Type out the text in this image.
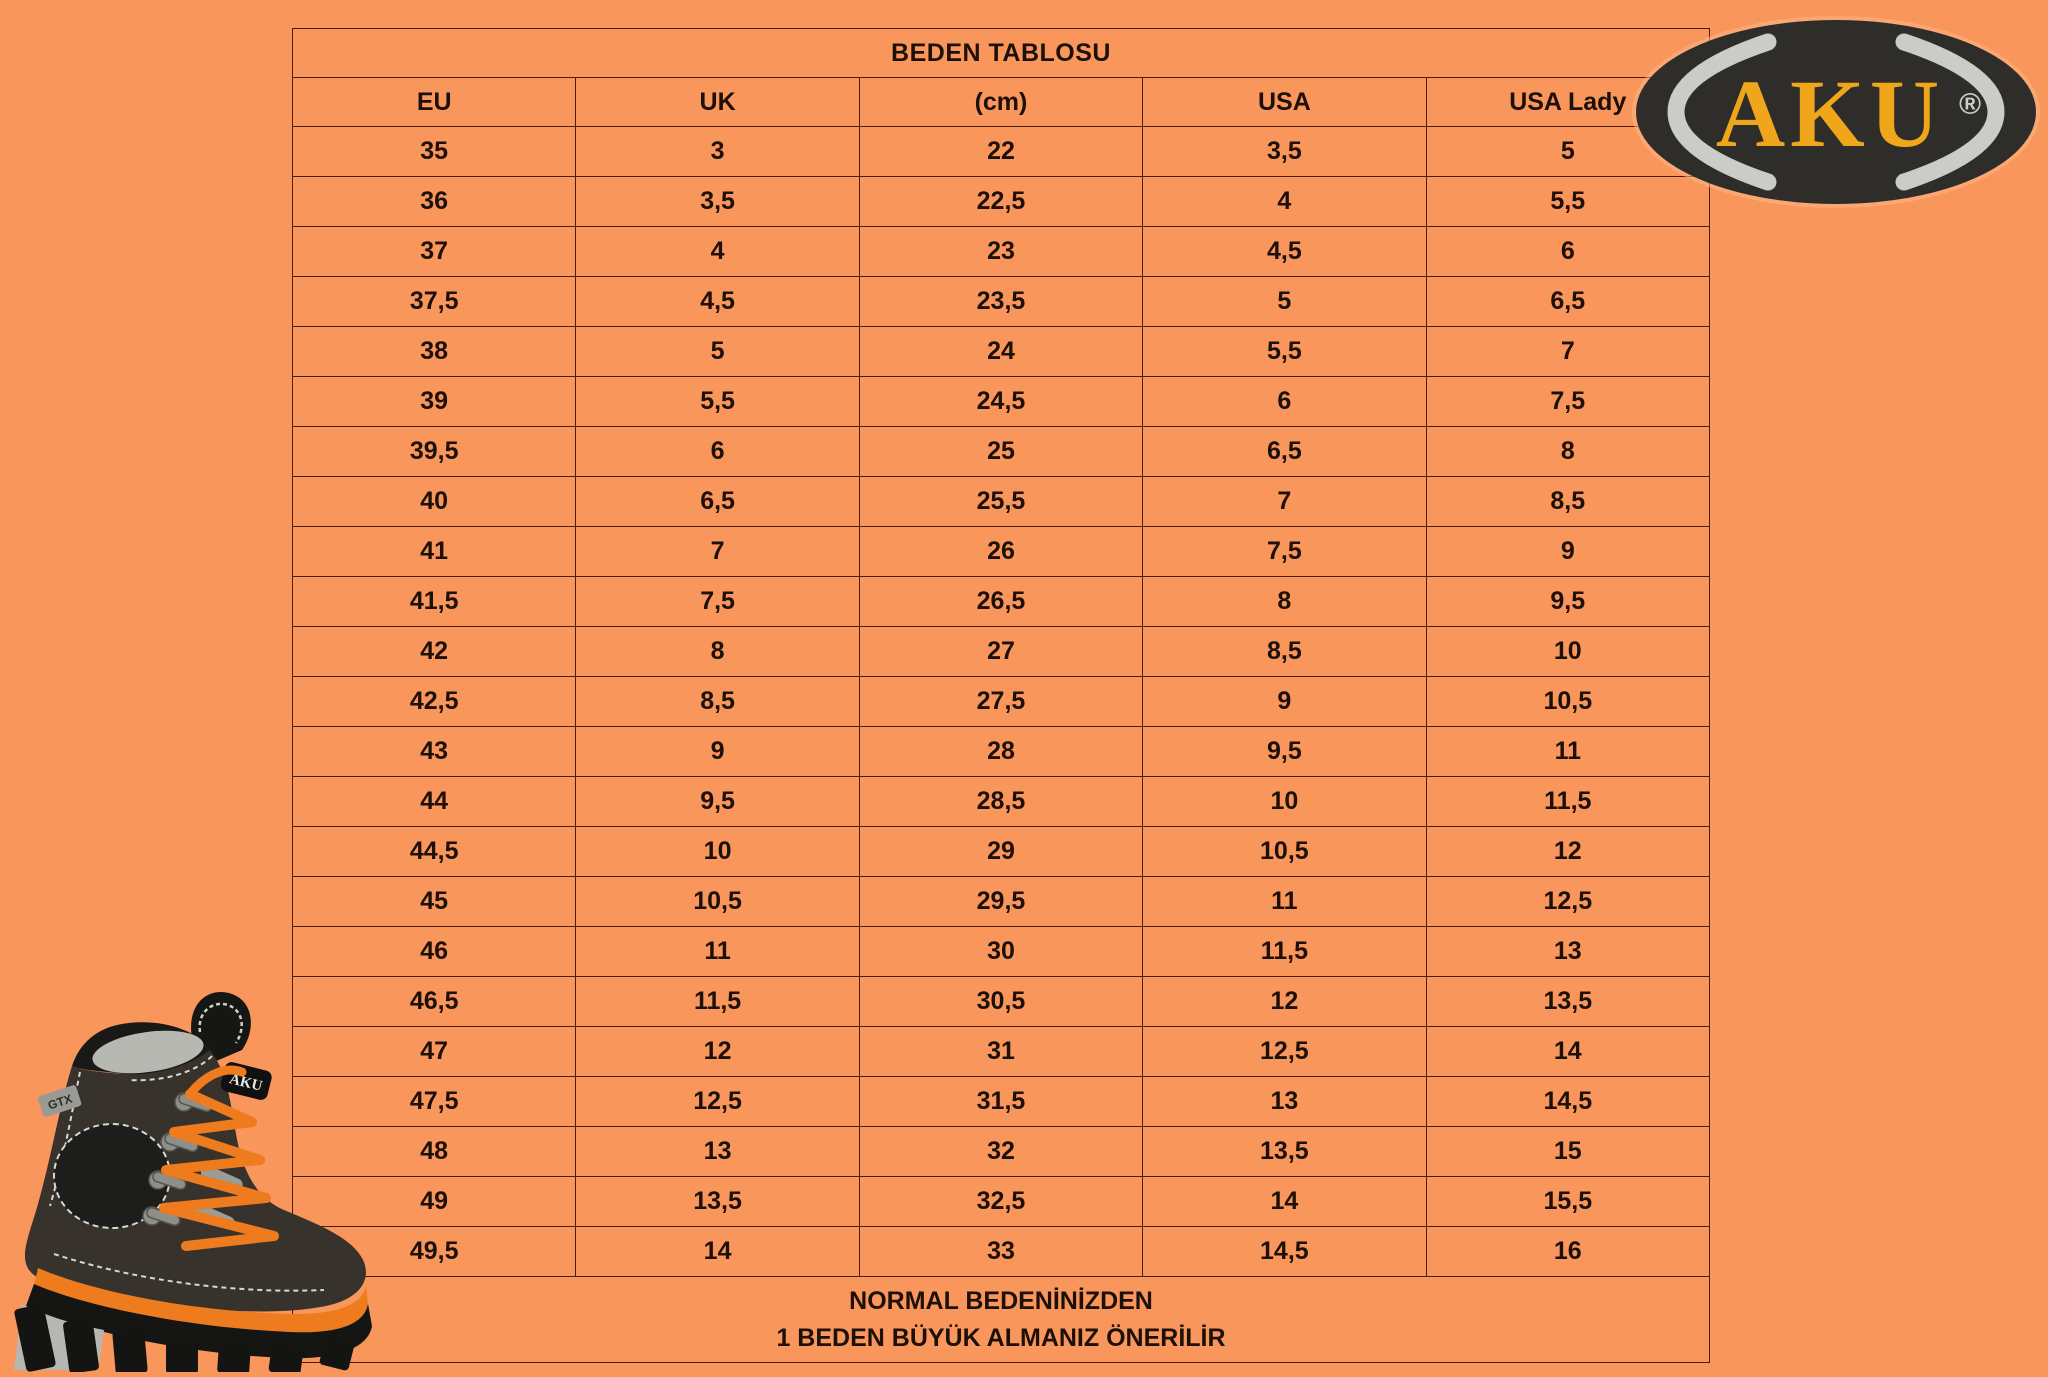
BEDEN TABLOSU				
EU	UK	(cm)	USA	USA Lady
35	3	22	3,5	5
36	3,5	22,5	4	5,5
37	4	23	4,5	6
37,5	4,5	23,5	5	6,5
38	5	24	5,5	7
39	5,5	24,5	6	7,5
39,5	6	25	6,5	8
40	6,5	25,5	7	8,5
41	7	26	7,5	9
41,5	7,5	26,5	8	9,5
42	8	27	8,5	10
42,5	8,5	27,5	9	10,5
43	9	28	9,5	11
44	9,5	28,5	10	11,5
44,5	10	29	10,5	12
45	10,5	29,5	11	12,5
46	11	30	11,5	13
46,5	11,5	30,5	12	13,5
47	12	31	12,5	14
47,5	12,5	31,5	13	14,5
48	13	32	13,5	15
49	13,5	32,5	14	15,5
49,5	14	33	14,5	16

NORMAL BEDENİNİZDEN
1 BEDEN BÜYÜK ALMANIZ ÖNERİLİR				
AKU ®
GTX
AKU
